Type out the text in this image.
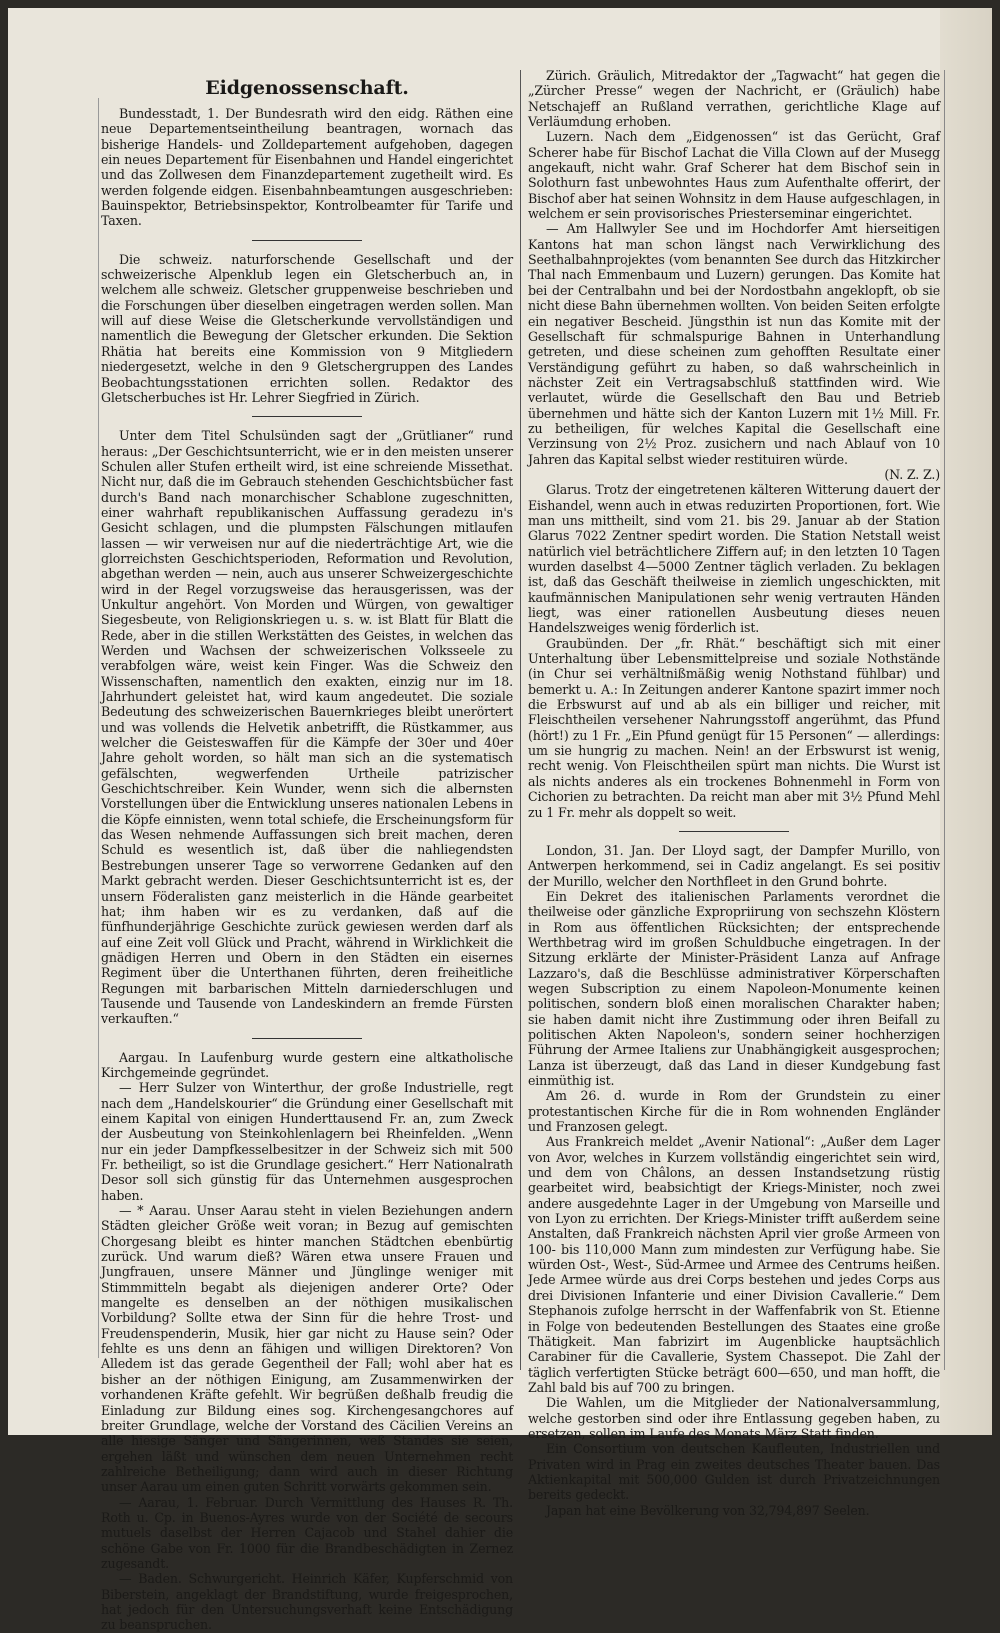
Eidgenossenschaft.

Bundesstadt, 1. Der Bundesrath wird den eidg. Räthen eine neue Departementseintheilung beantragen, wornach das bisherige Handels- und Zolldepartement aufgehoben, dagegen ein neues Departement für Eisenbahnen und Handel eingerichtet und das Zollwesen dem Finanzdepartement zugetheilt wird. Es werden folgende eidgen. Eisenbahnbeamtungen ausgeschrieben: Bauinspektor, Betriebsinspektor, Kontrolbeamter für Tarife und Taxen.

Die schweiz. naturforschende Gesellschaft und der schweizerische Alpenklub legen ein Gletscherbuch an, in welchem alle schweiz. Gletscher gruppenweise beschrieben und die Forschungen über dieselben eingetragen werden sollen. Man will auf diese Weise die Gletscherkunde vervollständigen und namentlich die Bewegung der Gletscher erkunden. Die Sektion Rhätia hat bereits eine Kommission von 9 Mitgliedern niedergesetzt, welche in den 9 Gletschergruppen des Landes Beobachtungsstationen errichten sollen. Redaktor des Gletscherbuches ist Hr. Lehrer Siegfried in Zürich.

Unter dem Titel Schulsünden sagt der „Grütlianer“ rund heraus: „Der Geschichtsunterricht, wie er in den meisten unserer Schulen aller Stufen ertheilt wird, ist eine schreiende Missethat. Nicht nur, daß die im Gebrauch stehenden Geschichtsbücher fast durch's Band nach monarchischer Schablone zugeschnitten, einer wahrhaft republikanischen Auffassung geradezu in's Gesicht schlagen, und die plumpsten Fälschungen mitlaufen lassen — wir verweisen nur auf die niederträchtige Art, wie die glorreichsten Geschichtsperioden, Reformation und Revolution, abgethan werden — nein, auch aus unserer Schweizergeschichte wird in der Regel vorzugsweise das herausgerissen, was der Unkultur angehört. Von Morden und Würgen, von gewaltiger Siegesbeute, von Religionskriegen u. s. w. ist Blatt für Blatt die Rede, aber in die stillen Werkstätten des Geistes, in welchen das Werden und Wachsen der schweizerischen Volksseele zu verabfolgen wäre, weist kein Finger. Was die Schweiz den Wissenschaften, namentlich den exakten, einzig nur im 18. Jahrhundert geleistet hat, wird kaum angedeutet. Die soziale Bedeutung des schweizerischen Bauernkrieges bleibt unerörtert und was vollends die Helvetik anbetrifft, die Rüstkammer, aus welcher die Geisteswaffen für die Kämpfe der 30er und 40er Jahre geholt worden, so hält man sich an die systematisch gefälschten, wegwerfenden Urtheile patrizischer Geschichtschreiber. Kein Wunder, wenn sich die albernsten Vorstellungen über die Entwicklung unseres nationalen Lebens in die Köpfe einnisten, wenn total schiefe, die Erscheinungsform für das Wesen nehmende Auffassungen sich breit machen, deren Schuld es wesentlich ist, daß über die nahliegendsten Bestrebungen unserer Tage so verworrene Gedanken auf den Markt gebracht werden. Dieser Geschichtsunterricht ist es, der unsern Föderalisten ganz meisterlich in die Hände gearbeitet hat; ihm haben wir es zu verdanken, daß auf die fünfhunderjährige Geschichte zurück gewiesen werden darf als auf eine Zeit voll Glück und Pracht, während in Wirklichkeit die gnädigen Herren und Obern in den Städten ein eisernes Regiment über die Unterthanen führten, deren freiheitliche Regungen mit barbarischen Mitteln darniederschlugen und Tausende und Tausende von Landeskindern an fremde Fürsten verkauften.“

Aargau. In Laufenburg wurde gestern eine altkatholische Kirchgemeinde gegründet.

— Herr Sulzer von Winterthur, der große Industrielle, regt nach dem „Handelskourier“ die Gründung einer Gesellschaft mit einem Kapital von einigen Hunderttausend Fr. an, zum Zweck der Ausbeutung von Steinkohlenlagern bei Rheinfelden. „Wenn nur ein jeder Dampfkesselbesitzer in der Schweiz sich mit 500 Fr. betheiligt, so ist die Grundlage gesichert.“ Herr Nationalrath Desor soll sich günstig für das Unternehmen ausgesprochen haben.

— * Aarau. Unser Aarau steht in vielen Beziehungen andern Städten gleicher Größe weit voran; in Bezug auf gemischten Chorgesang bleibt es hinter manchen Städtchen ebenbürtig zurück. Und warum dieß? Wären etwa unsere Frauen und Jungfrauen, unsere Männer und Jünglinge weniger mit Stimmmitteln begabt als diejenigen anderer Orte? Oder mangelte es denselben an der nöthigen musikalischen Vorbildung? Sollte etwa der Sinn für die hehre Trost- und Freudenspenderin, Musik, hier gar nicht zu Hause sein? Oder fehlte es uns denn an fähigen und willigen Direktoren? Von Alledem ist das gerade Gegentheil der Fall; wohl aber hat es bisher an der nöthigen Einigung, am Zusammenwirken der vorhandenen Kräfte gefehlt. Wir begrüßen deßhalb freudig die Einladung zur Bildung eines sog. Kirchengesangchores auf breiter Grundlage, welche der Vorstand des Cäcilien Vereins an alle hiesige Sänger und Sängerinnen, weß Standes sie seien, ergehen läßt und wünschen dem neuen Unternehmen recht zahlreiche Betheiligung; dann wird auch in dieser Richtung unser Aarau um einen guten Schritt vorwärts gekommen sein.

— Aarau, 1. Februar. Durch Vermittlung des Hauses R. Th. Roth u. Cp. in Buenos-Ayres wurde von der Société de secours mutuels daselbst der Herren Cajacob und Stahel dahier die schöne Gabe von Fr. 1000 für die Brandbeschädigten in Zernez zugesandt.

— Baden. Schwurgericht. Heinrich Käfer, Kupferschmid von Biberstein, angeklagt der Brandstiftung, wurde freigesprochen, hat jedoch für den Untersuchungsverhaft keine Entschädigung zu beanspruchen.

Zürich. Gräulich, Mitredaktor der „Tagwacht“ hat gegen die „Zürcher Presse“ wegen der Nachricht, er (Gräulich) habe Netschajeff an Rußland verrathen, gerichtliche Klage auf Verläumdung erhoben.

Luzern. Nach dem „Eidgenossen“ ist das Gerücht, Graf Scherer habe für Bischof Lachat die Villa Clown auf der Musegg angekauft, nicht wahr. Graf Scherer hat dem Bischof sein in Solothurn fast unbewohntes Haus zum Aufenthalte offerirt, der Bischof aber hat seinen Wohnsitz in dem Hause aufgeschlagen, in welchem er sein provisorisches Priesterseminar eingerichtet.

— Am Hallwyler See und im Hochdorfer Amt hierseitigen Kantons hat man schon längst nach Verwirklichung des Seethalbahnprojektes (vom benannten See durch das Hitzkircher Thal nach Emmenbaum und Luzern) gerungen. Das Komite hat bei der Centralbahn und bei der Nordostbahn angeklopft, ob sie nicht diese Bahn übernehmen wollten. Von beiden Seiten erfolgte ein negativer Bescheid. Jüngsthin ist nun das Komite mit der Gesellschaft für schmalspurige Bahnen in Unterhandlung getreten, und diese scheinen zum gehofften Resultate einer Verständigung geführt zu haben, so daß wahrscheinlich in nächster Zeit ein Vertragsabschluß stattfinden wird. Wie verlautet, würde die Gesellschaft den Bau und Betrieb übernehmen und hätte sich der Kanton Luzern mit 1½ Mill. Fr. zu betheiligen, für welches Kapital die Gesellschaft eine Verzinsung von 2½ Proz. zusichern und nach Ablauf von 10 Jahren das Kapital selbst wieder restituiren würde.

(N. Z. Z.)

Glarus. Trotz der eingetretenen kälteren Witterung dauert der Eishandel, wenn auch in etwas reduzirten Proportionen, fort. Wie man uns mittheilt, sind vom 21. bis 29. Januar ab der Station Glarus 7022 Zentner spedirt worden. Die Station Netstall weist natürlich viel beträchtlichere Ziffern auf; in den letzten 10 Tagen wurden daselbst 4—5000 Zentner täglich verladen. Zu beklagen ist, daß das Geschäft theilweise in ziemlich ungeschickten, mit kaufmännischen Manipulationen sehr wenig vertrauten Händen liegt, was einer rationellen Ausbeutung dieses neuen Handelszweiges wenig förderlich ist.

Graubünden. Der „fr. Rhät.“ beschäftigt sich mit einer Unterhaltung über Lebensmittelpreise und soziale Nothstände (in Chur sei verhältnißmäßig wenig Nothstand fühlbar) und bemerkt u. A.: In Zeitungen anderer Kantone spazirt immer noch die Erbswurst auf und ab als ein billiger und reicher, mit Fleischtheilen versehener Nahrungsstoff angerühmt, das Pfund (hört!) zu 1 Fr. „Ein Pfund genügt für 15 Personen“ — allerdings: um sie hungrig zu machen. Nein! an der Erbswurst ist wenig, recht wenig. Von Fleischtheilen spürt man nichts. Die Wurst ist als nichts anderes als ein trockenes Bohnenmehl in Form von Cichorien zu betrachten. Da reicht man aber mit 3½ Pfund Mehl zu 1 Fr. mehr als doppelt so weit.

London, 31. Jan. Der Lloyd sagt, der Dampfer Murillo, von Antwerpen herkommend, sei in Cadiz angelangt. Es sei positiv der Murillo, welcher den Northfleet in den Grund bohrte.

Ein Dekret des italienischen Parlaments verordnet die theilweise oder gänzliche Expropriirung von sechszehn Klöstern in Rom aus öffentlichen Rücksichten; der entsprechende Werthbetrag wird im großen Schuldbuche eingetragen. In der Sitzung erklärte der Minister-Präsident Lanza auf Anfrage Lazzaro's, daß die Beschlüsse administrativer Körperschaften wegen Subscription zu einem Napoleon-Monumente keinen politischen, sondern bloß einen moralischen Charakter haben; sie haben damit nicht ihre Zustimmung oder ihren Beifall zu politischen Akten Napoleon's, sondern seiner hochherzigen Führung der Armee Italiens zur Unabhängigkeit ausgesprochen; Lanza ist überzeugt, daß das Land in dieser Kundgebung fast einmüthig ist.

Am 26. d. wurde in Rom der Grundstein zu einer protestantischen Kirche für die in Rom wohnenden Engländer und Franzosen gelegt.

Aus Frankreich meldet „Avenir National“: „Außer dem Lager von Avor, welches in Kurzem vollständig eingerichtet sein wird, und dem von Châlons, an dessen Instandsetzung rüstig gearbeitet wird, beabsichtigt der Kriegs-Minister, noch zwei andere ausgedehnte Lager in der Umgebung von Marseille und von Lyon zu errichten. Der Kriegs-Minister trifft außerdem seine Anstalten, daß Frankreich nächsten April vier große Armeen von 100- bis 110,000 Mann zum mindesten zur Verfügung habe. Sie würden Ost-, West-, Süd-Armee und Armee des Centrums heißen. Jede Armee würde aus drei Corps bestehen und jedes Corps aus drei Divisionen Infanterie und einer Division Cavallerie.“ Dem Stephanois zufolge herrscht in der Waffenfabrik von St. Etienne in Folge von bedeutenden Bestellungen des Staates eine große Thätigkeit. Man fabrizirt im Augenblicke hauptsächlich Carabiner für die Cavallerie, System Chassepot. Die Zahl der täglich verfertigten Stücke beträgt 600—650, und man hofft, die Zahl bald bis auf 700 zu bringen.

Die Wahlen, um die Mitglieder der Nationalversammlung, welche gestorben sind oder ihre Entlassung gegeben haben, zu ersetzen, sollen im Laufe des Monats März Statt finden.

Ein Consortium von deutschen Kaufleuten, Industriellen und Privaten wird in Prag ein zweites deutsches Theater bauen. Das Aktienkapital mit 500,000 Gulden ist durch Privatzeichnungen bereits gedeckt.

Japan hat eine Bevölkerung von 32,794,897 Seelen.
